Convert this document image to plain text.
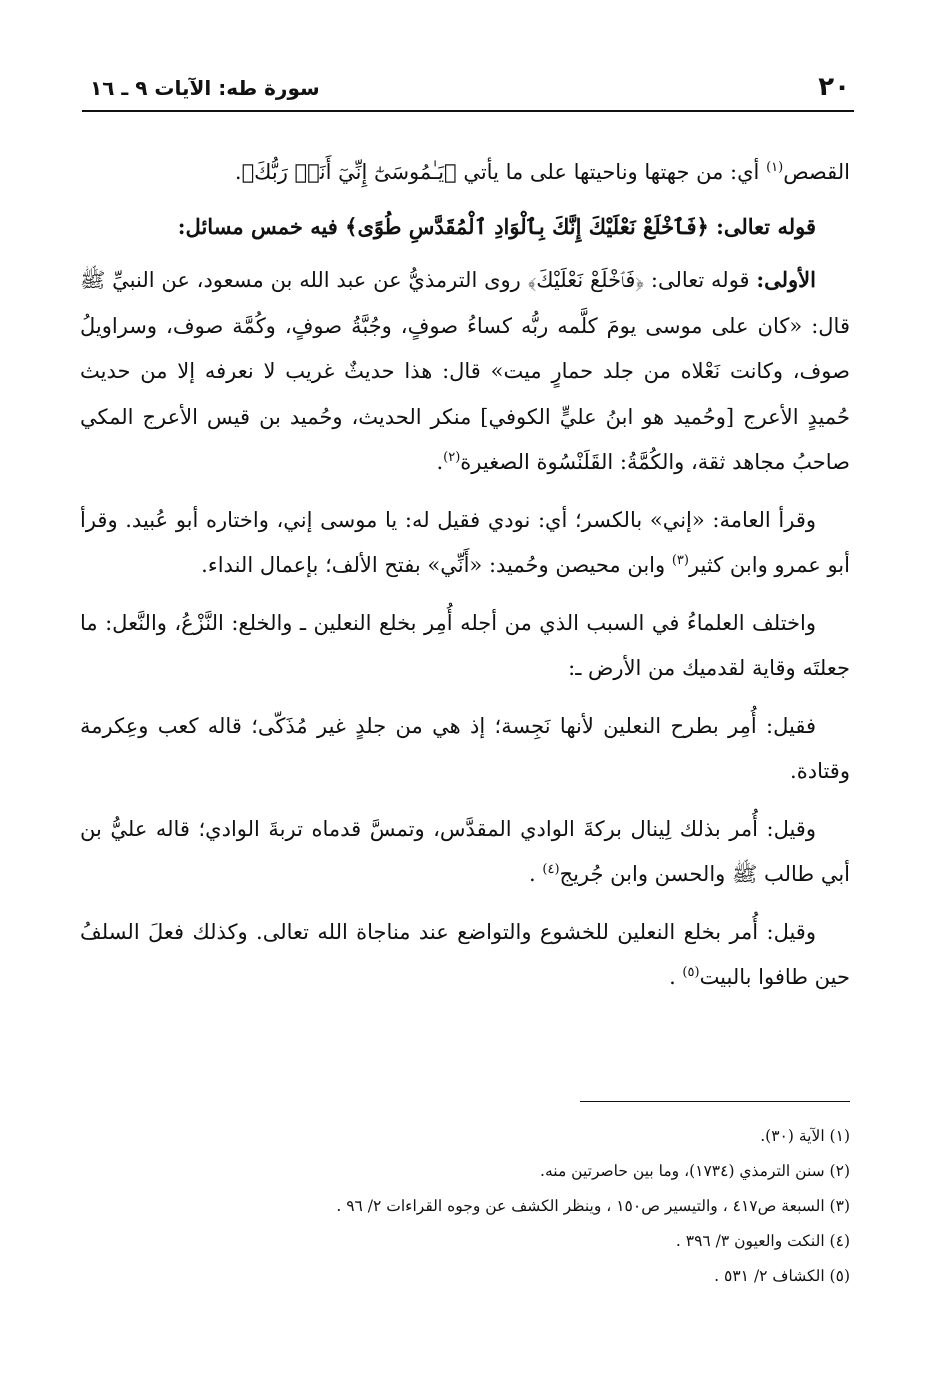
٢٠
سورة طه: الآيات ٩ ـ ١٦

القصص$^{(١)}$ أي: من جهتها وناحيتها على ما يأتي ﴿يَـٰمُوسَىٰٓ إِنِّيٓ أَنَا۠ رَبُّكَ﴾.

قوله تعالى: ﴿فَٱخْلَعْ نَعْلَيْكَ إِنَّكَ بِٱلْوَادِ ٱلْمُقَدَّسِ طُوًى﴾ فيه خمس مسائل:

الأولى: قوله تعالى: ﴿فَٱخْلَعْ نَعْلَيْكَ﴾ روى الترمذيُّ عن عبد الله بن مسعود، عن النبيِّ ﷺ قال: «كان على موسى يومَ كلَّمه ربُّه كساءُ صوفٍ، وجُبَّةُ صوفٍ، وكُمَّة صوف، وسراويلُ صوف، وكانت نَعْلاه من جلد حمارٍ ميت» قال: هذا حديثٌ غريب لا نعرفه إلا من حديث حُميدٍ الأعرج [وحُميد هو ابنُ عليٍّ الكوفي] منكر الحديث، وحُميد بن قيس الأعرج المكي صاحبُ مجاهد ثقة، والكُمَّةُ: القَلَنْسُوة الصغيرة$^{(٢)}$.

وقرأ العامة: «إني» بالكسر؛ أي: نودي فقيل له: يا موسى إني، واختاره أبو عُبيد. وقرأ أبو عمرو وابن كثير$^{(٣)}$ وابن محيصن وحُميد: «أَنِّي» بفتح الألف؛ بإعمال النداء.

واختلف العلماءُ في السبب الذي من أجله أُمِر بخلع النعلين ـ والخلع: النَّزْعُ، والنَّعل: ما جعلتَه وقاية لقدميك من الأرض ـ:

فقيل: أُمِر بطرح النعلين لأنها نَجِسة؛ إذ هي من جلدٍ غير مُذَكّى؛ قاله كعب وعِكرمة وقتادة.

وقيل: أُمر بذلك لِينال بركةَ الوادي المقدَّس، وتمسَّ قدماه تربةَ الوادي؛ قاله عليُّ بن أبي طالب ﷺ والحسن وابن جُريج$^{(٤)}$ .

وقيل: أُمر بخلع النعلين للخشوع والتواضع عند مناجاة الله تعالى. وكذلك فعلَ السلفُ حين طافوا بالبيت$^{(٥)}$ .

(١) الآية (٣٠).

(٢) سنن الترمذي (١٧٣٤)، وما بين حاصرتين منه.

(٣) السبعة ص٤١٧ ، والتيسير ص١٥٠ ، وينظر الكشف عن وجوه القراءات ٢/ ٩٦ .

(٤) النكت والعيون ٣/ ٣٩٦ .

(٥) الكشاف ٢/ ٥٣١ .
